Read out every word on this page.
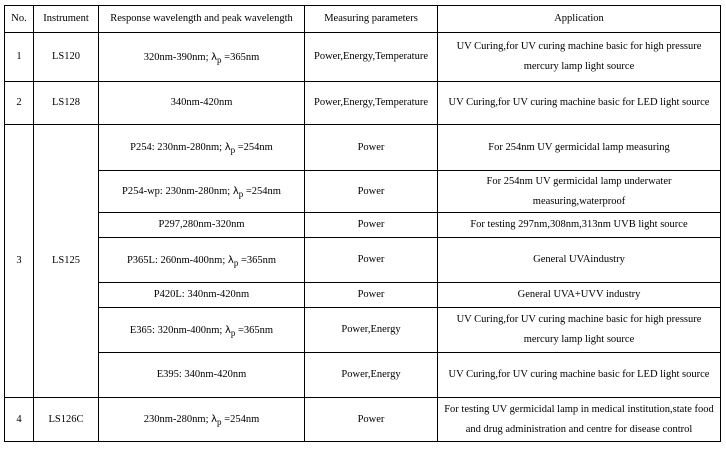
No.	Instrument	Response wavelength and peak wavelength	Measuring parameters	Application
1	LS120	320nm-390nm; λp =365nm	Power,Energy,Temperature	UV Curing,for UV curing machine basic for high pressure mercury lamp light source
2	LS128	340nm-420nm	Power,Energy,Temperature	UV Curing,for UV curing machine basic for LED light source
3	LS125	P254: 230nm-280nm; λp =254nm	Power	For 254nm UV germicidal lamp measuring
		P254-wp: 230nm-280nm; λp =254nm	Power	For 254nm UV germicidal lamp underwater measuring,waterproof
		P297,280nm-320nm	Power	For testing 297nm,308nm,313nm UVB light source
		P365L: 260nm-400nm; λp =365nm	Power	General UVAindustry
		P420L: 340nm-420nm	Power	General UVA+UVV industry
		E365: 320nm-400nm; λp =365nm	Power,Energy	UV Curing,for UV curing machine basic for high pressure mercury lamp light source
		E395: 340nm-420nm	Power,Energy	UV Curing,for UV curing machine basic for LED light source
4	LS126C	230nm-280nm; λp =254nm	Power	For testing UV germicidal lamp in medical institution,state food and drug administration and centre for disease control
